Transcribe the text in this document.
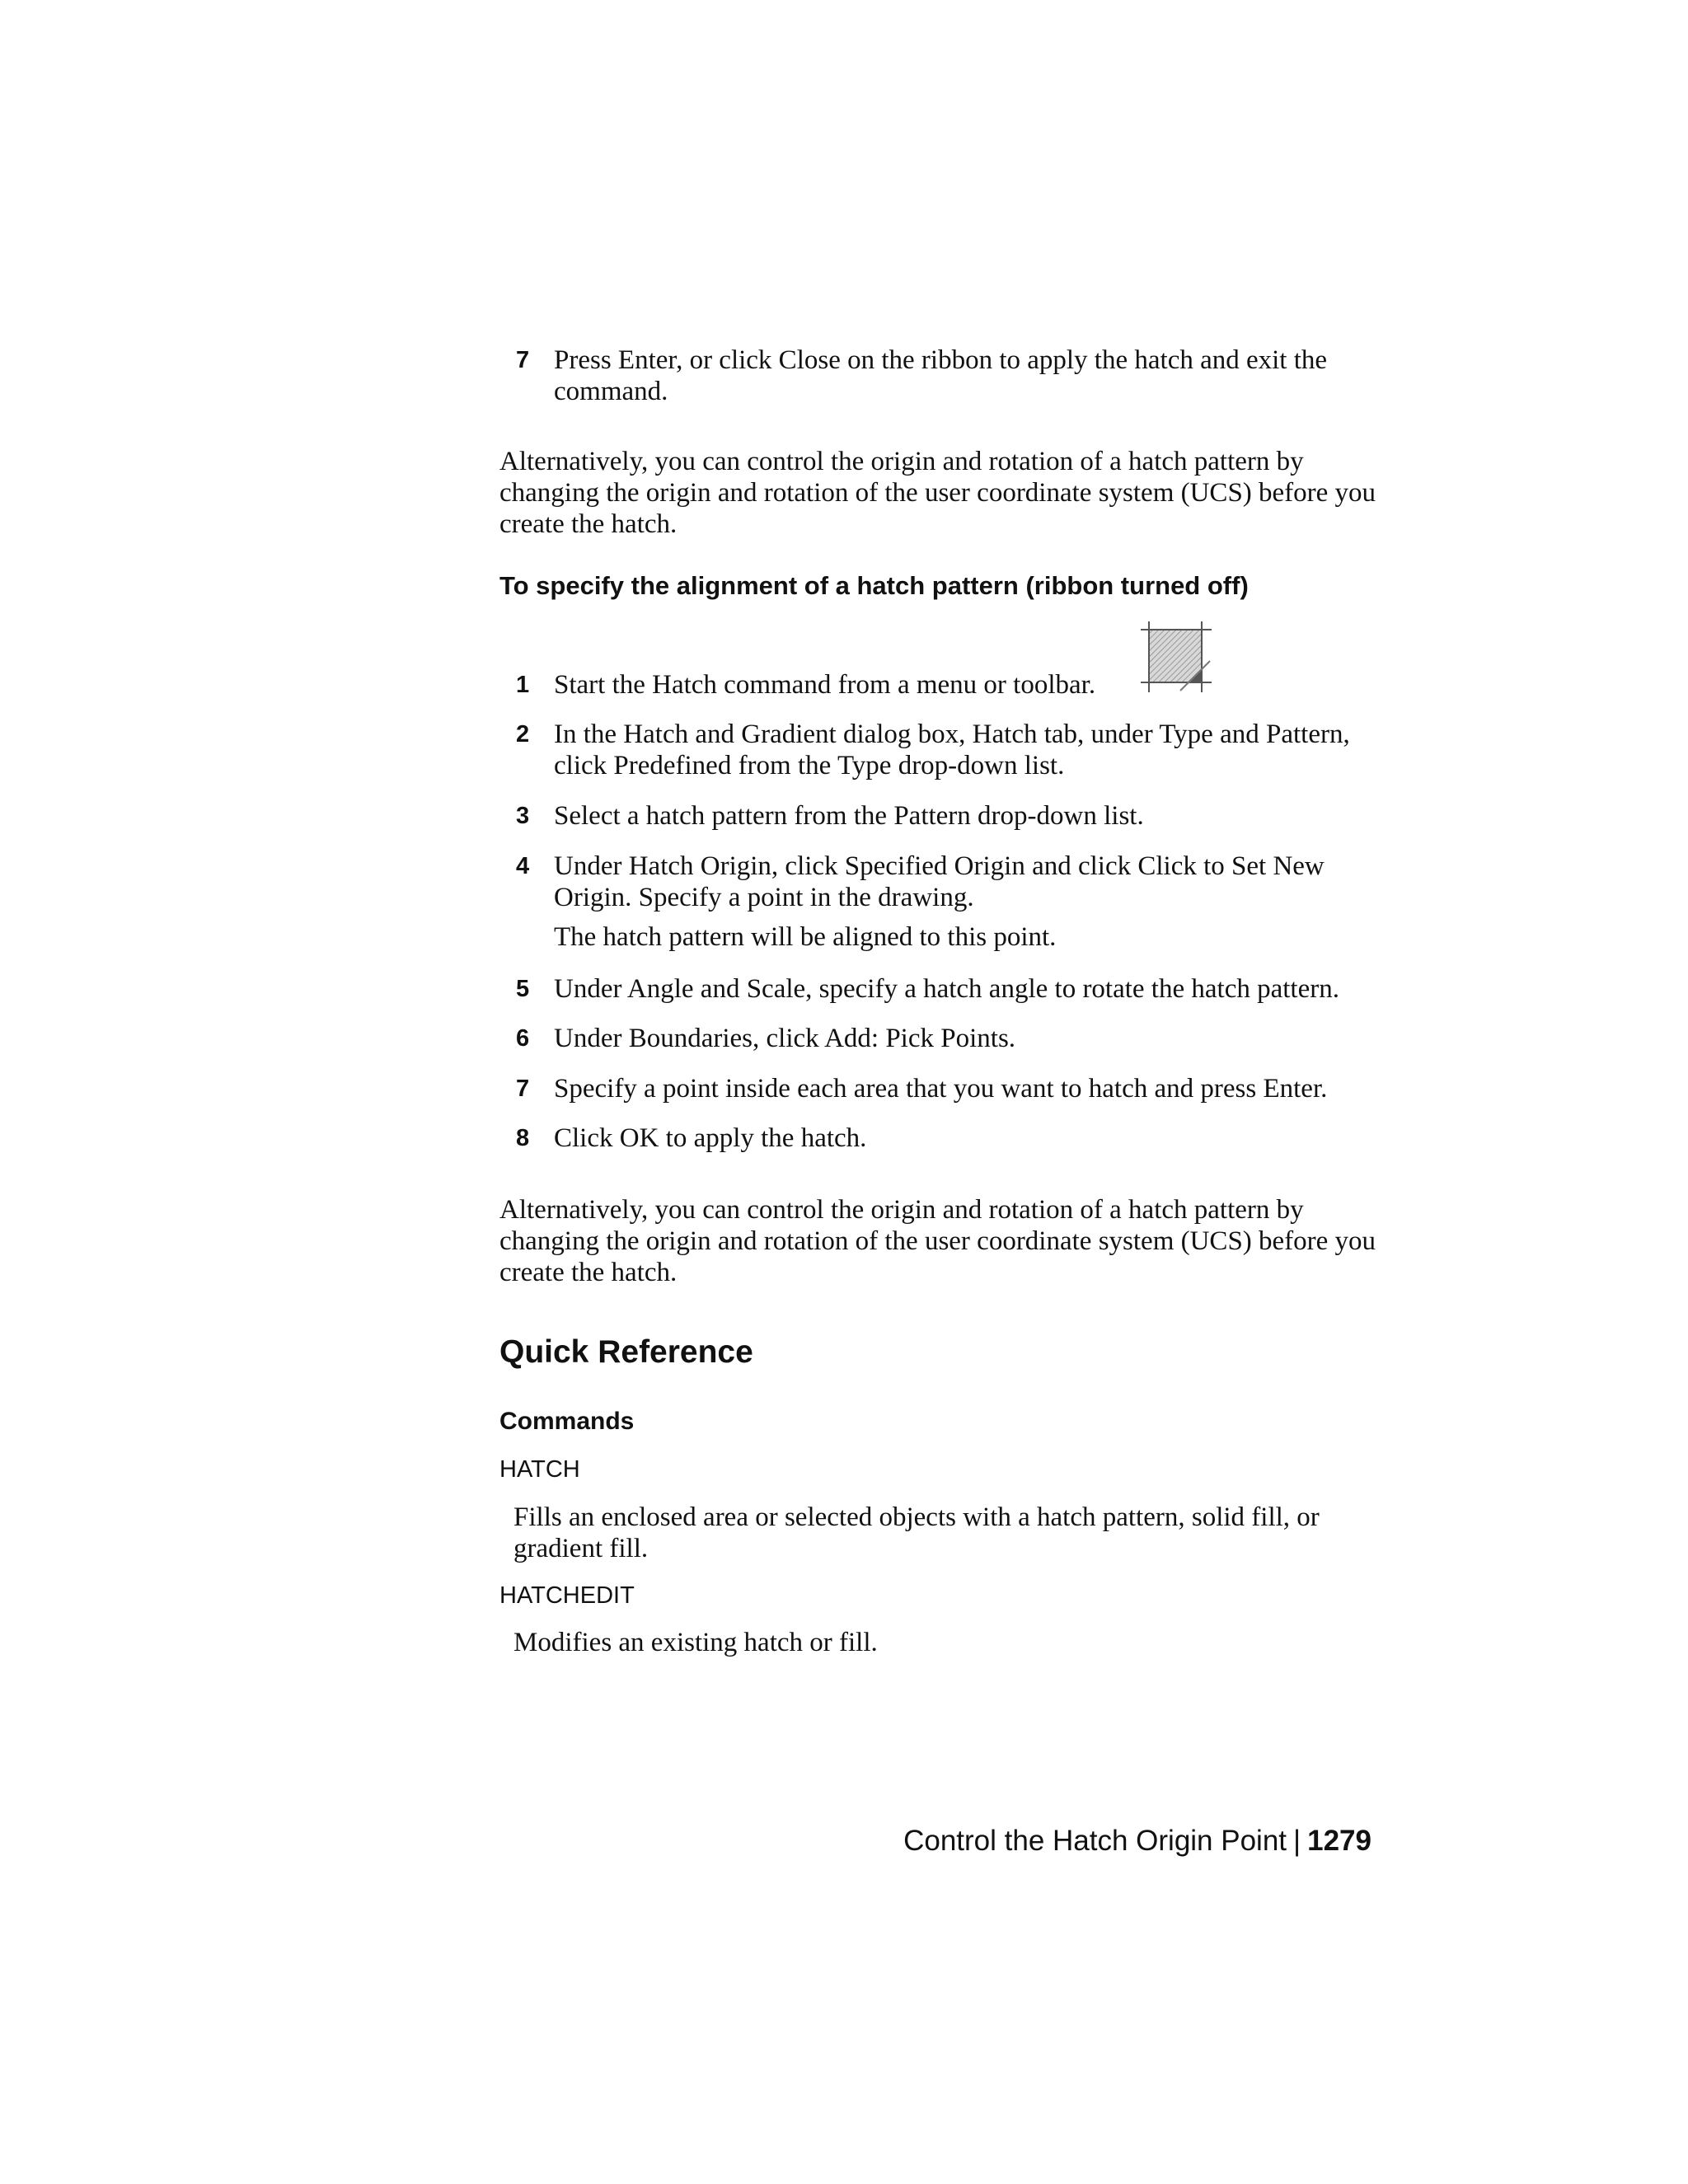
7 Press Enter, or click Close on the ribbon to apply the hatch and exit the command.
Alternatively, you can control the origin and rotation of a hatch pattern by changing the origin and rotation of the user coordinate system (UCS) before you create the hatch.
To specify the alignment of a hatch pattern (ribbon turned off)
1 Start the Hatch command from a menu or toolbar.
2 In the Hatch and Gradient dialog box, Hatch tab, under Type and Pattern, click Predefined from the Type drop-down list.
3 Select a hatch pattern from the Pattern drop-down list.
4 Under Hatch Origin, click Specified Origin and click Click to Set New Origin. Specify a point in the drawing.
The hatch pattern will be aligned to this point.
5 Under Angle and Scale, specify a hatch angle to rotate the hatch pattern.
6 Under Boundaries, click Add: Pick Points.
7 Specify a point inside each area that you want to hatch and press Enter.
8 Click OK to apply the hatch.
Alternatively, you can control the origin and rotation of a hatch pattern by changing the origin and rotation of the user coordinate system (UCS) before you create the hatch.
Quick Reference
Commands
HATCH
Fills an enclosed area or selected objects with a hatch pattern, solid fill, or gradient fill.
HATCHEDIT
Modifies an existing hatch or fill.
Control the Hatch Origin Point | 1279
